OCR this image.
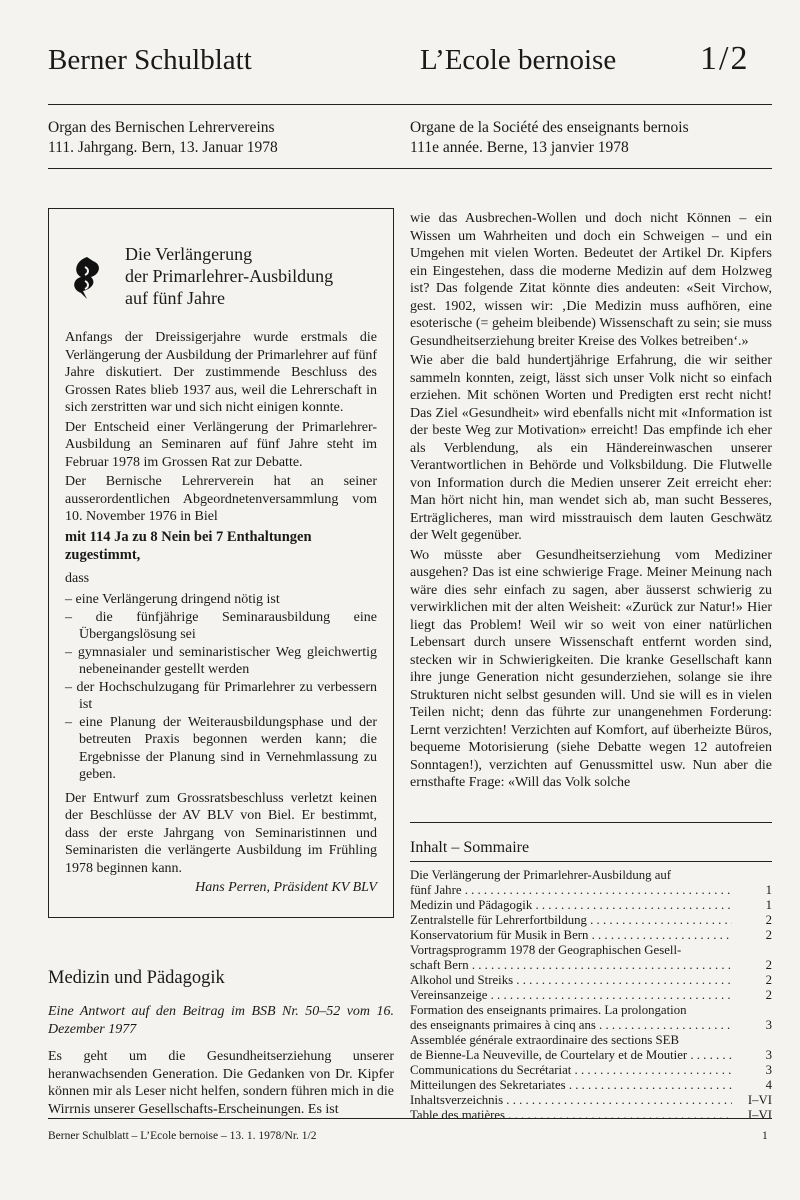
Berner Schulblatt	L’Ecole bernoise 1/2
Organ des Bernischen Lehrervereins
111. Jahrgang. Bern, 13. Januar 1978
Organe de la Société des enseignants bernois
111e année. Berne, 13 janvier 1978
Die Verlängerung
der Primarlehrer-Ausbildung
auf fünf Jahre

Anfangs der Dreissigerjahre wurde erstmals die Verlängerung der Ausbildung der Primarlehrer auf fünf Jahre diskutiert. Der zustimmende Beschluss des Grossen Rates blieb 1937 aus, weil die Lehrerschaft in sich zerstritten war und sich nicht einigen konnte.

Der Entscheid einer Verlängerung der Primarlehrer-Ausbildung an Seminaren auf fünf Jahre steht im Februar 1978 im Grossen Rat zur Debatte.

Der Bernische Lehrerverein hat an seiner ausserordentlichen Abgeordnetenversammlung vom 10. November 1976 in Biel

mit 114 Ja zu 8 Nein bei 7 Enthaltungen zugestimmt,

dass

– eine Verlängerung dringend nötig ist
– die fünfjährige Seminarausbildung eine Übergangslösung sei
– gymnasialer und seminaristischer Weg gleichwertig nebeneinander gestellt werden
– der Hochschulzugang für Primarlehrer zu verbessern ist
– eine Planung der Weiterausbildungsphase und der betreuten Praxis begonnen werden kann; die Ergebnisse der Planung sind in Vernehmlassung zu geben.

Der Entwurf zum Grossratsbeschluss verletzt keinen der Beschlüsse der AV BLV von Biel. Er bestimmt, dass der erste Jahrgang von Seminaristinnen und Seminaristen die verlängerte Ausbildung im Frühling 1978 beginnen kann.

Hans Perren, Präsident KV BLV
Medizin und Pädagogik

Eine Antwort auf den Beitrag im BSB Nr. 50–52 vom 16. Dezember 1977

Es geht um die Gesundheitserziehung unserer heranwachsenden Generation. Die Gedanken von Dr. Kipfer können mir als Leser nicht helfen, sondern führen mich in die Wirrnis unserer Gesellschafts-Erscheinungen. Es ist

wie das Ausbrechen-Wollen und doch nicht Können – ein Wissen um Wahrheiten und doch ein Schweigen – und ein Umgehen mit vielen Worten. Bedeutet der Artikel Dr. Kipfers ein Eingestehen, dass die moderne Medizin auf dem Holzweg ist? Das folgende Zitat könnte dies andeuten: «Seit Virchow, gest. 1902, wissen wir: ‚Die Medizin muss aufhören, eine esoterische (= geheim bleibende) Wissenschaft zu sein; sie muss Gesundheitserziehung breiter Kreise des Volkes betreiben‘.»

Wie aber die bald hundertjährige Erfahrung, die wir seither sammeln konnten, zeigt, lässt sich unser Volk nicht so einfach erziehen. Mit schönen Worten und Predigten erst recht nicht! Das Ziel «Gesundheit» wird ebenfalls nicht mit «Information ist der beste Weg zur Motivation» erreicht! Das empfinde ich eher als Verblendung, als ein Händereinwaschen unserer Verantwortlichen in Behörde und Volksbildung. Die Flutwelle von Information durch die Medien unserer Zeit erreicht eher: Man hört nicht hin, man wendet sich ab, man sucht Besseres, Erträglicheres, man wird misstrauisch dem lauten Geschwätz der Welt gegenüber.

Wo müsste aber Gesundheitserziehung vom Mediziner ausgehen? Das ist eine schwierige Frage. Meiner Meinung nach wäre dies sehr einfach zu sagen, aber äusserst schwierig zu verwirklichen mit der alten Weisheit: «Zurück zur Natur!» Hier liegt das Problem! Weil wir so weit von einer natürlichen Lebensart durch unsere Wissenschaft entfernt worden sind, stecken wir in Schwierigkeiten. Die kranke Gesellschaft kann ihre junge Generation nicht gesunderziehen, solange sie ihre Strukturen nicht selbst gesunden will. Und sie will es in vielen Teilen nicht; denn das führte zur unangenehmen Forderung: Lernt verzichten! Verzichten auf Komfort, auf überheizte Büros, bequeme Motorisierung (siehe Debatte wegen 12 autofreien Sonntagen!), verzichten auf Genussmittel usw. Nun aber die ernsthafte Frage: «Will das Volk solche

Inhalt – Sommaire
Die Verlängerung der Primarlehrer-Ausbildung auf
fünf Jahre . . .	1
Medizin und Pädagogik . . .	1
Zentralstelle für Lehrerfortbildung . . .	2
Konservatorium für Musik in Bern . . .	2
Vortragsprogramm 1978 der Geographischen Gesell-
schaft Bern . . .	2
Alkohol und Streiks . . .	2
Vereinsanzeige . . .	2
Formation des enseignants primaires. La prolongation
des enseignants primaires à cinq ans . . .	3
Assemblée générale extraordinaire des sections SEB
de Bienne-La Neuveville, de Courtelary et de Moutier . . .	3
Communications du Secrétariat . . .	3
Mitteilungen des Sekretariates . . .	4
Inhaltsverzeichnis . . .	I–VI
Table des matières . . .	I–VI
Berner Schulblatt – L’Ecole bernoise – 13. 1. 1978/Nr. 1/2	1
